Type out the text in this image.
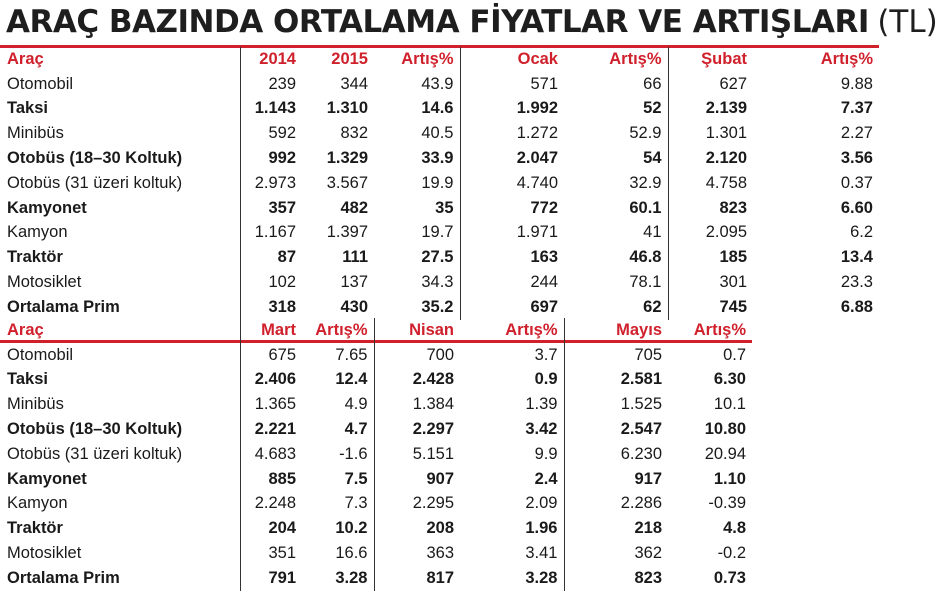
ARAÇ BAZINDA ORTALAMA FİYATLAR VE ARTIŞLARI (TL)
Araç	2014	2015	Artış%	Ocak	Artış%	Şubat	Artış%
Otomobil	239	344	43.9	571	66	627	9.88
Taksi	1.143	1.310	14.6	1.992	52	2.139	7.37
Minibüs	592	832	40.5	1.272	52.9	1.301	2.27
Otobüs (18–30 Koltuk)	992	1.329	33.9	2.047	54	2.120	3.56
Otobüs (31 üzeri koltuk)	2.973	3.567	19.9	4.740	32.9	4.758	0.37
Kamyonet	357	482	35	772	60.1	823	6.60
Kamyon	1.167	1.397	19.7	1.971	41	2.095	6.2
Traktör	87	111	27.5	163	46.8	185	13.4
Motosiklet	102	137	34.3	244	78.1	301	23.3
Ortalama Prim	318	430	35.2	697	62	745	6.88
Araç	Mart	Artış%	Nisan	Artış%	Mayıs	Artış%
Otomobil	675	7.65	700	3.7	705	0.7
Taksi	2.406	12.4	2.428	0.9	2.581	6.30
Minibüs	1.365	4.9	1.384	1.39	1.525	10.1
Otobüs (18–30 Koltuk)	2.221	4.7	2.297	3.42	2.547	10.80
Otobüs (31 üzeri koltuk)	4.683	-1.6	5.151	9.9	6.230	20.94
Kamyonet	885	7.5	907	2.4	917	1.10
Kamyon	2.248	7.3	2.295	2.09	2.286	-0.39
Traktör	204	10.2	208	1.96	218	4.8
Motosiklet	351	16.6	363	3.41	362	-0.2
Ortalama Prim	791	3.28	817	3.28	823	0.73
